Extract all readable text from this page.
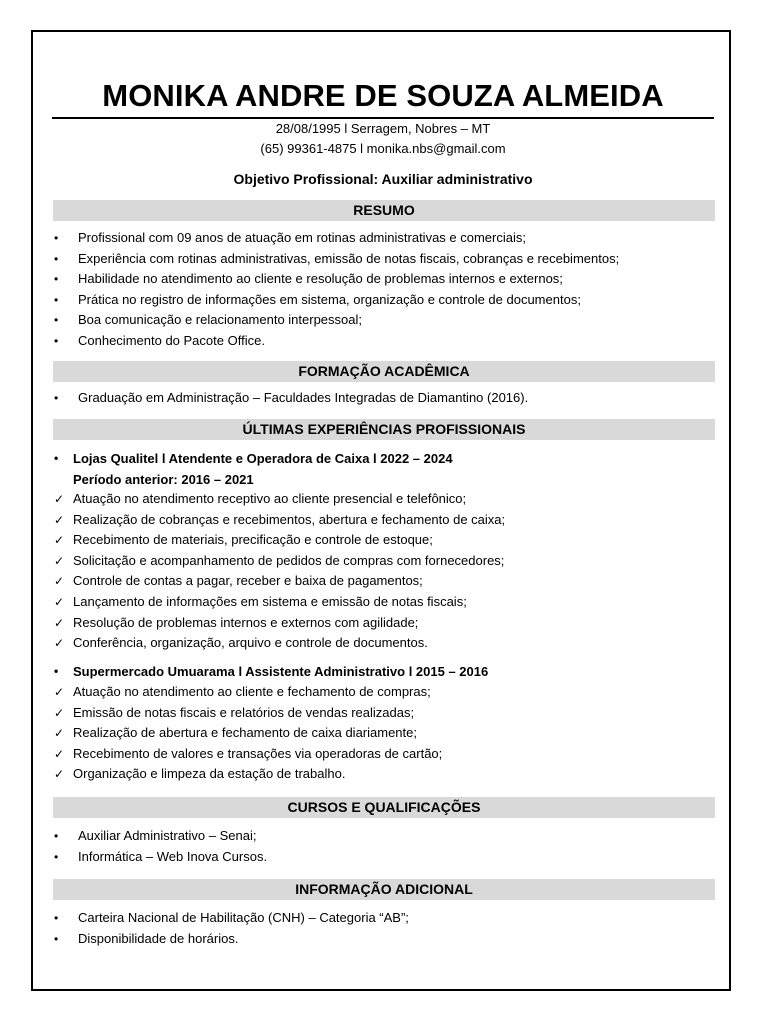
MONIKA ANDRE DE SOUZA ALMEIDA
28/08/1995 l Serragem, Nobres – MT
(65) 99361-4875 l monika.nbs@gmail.com
Objetivo Profissional: Auxiliar administrativo
RESUMO
• Profissional com 09 anos de atuação em rotinas administrativas e comerciais;
• Experiência com rotinas administrativas, emissão de notas fiscais, cobranças e recebimentos;
• Habilidade no atendimento ao cliente e resolução de problemas internos e externos;
• Prática no registro de informações em sistema, organização e controle de documentos;
• Boa comunicação e relacionamento interpessoal;
• Conhecimento do Pacote Office.
FORMAÇÃO ACADÊMICA
• Graduação em Administração – Faculdades Integradas de Diamantino (2016).
ÚLTIMAS EXPERIÊNCIAS PROFISSIONAIS
• Lojas Qualitel l Atendente e Operadora de Caixa l 2022 – 2024
Período anterior: 2016 – 2021
✓ Atuação no atendimento receptivo ao cliente presencial e telefônico;
✓ Realização de cobranças e recebimentos, abertura e fechamento de caixa;
✓ Recebimento de materiais, precificação e controle de estoque;
✓ Solicitação e acompanhamento de pedidos de compras com fornecedores;
✓ Controle de contas a pagar, receber e baixa de pagamentos;
✓ Lançamento de informações em sistema e emissão de notas fiscais;
✓ Resolução de problemas internos e externos com agilidade;
✓ Conferência, organização, arquivo e controle de documentos.
• Supermercado Umuarama l Assistente Administrativo l 2015 – 2016
✓ Atuação no atendimento ao cliente e fechamento de compras;
✓ Emissão de notas fiscais e relatórios de vendas realizadas;
✓ Realização de abertura e fechamento de caixa diariamente;
✓ Recebimento de valores e transações via operadoras de cartão;
✓ Organização e limpeza da estação de trabalho.
CURSOS E QUALIFICAÇÕES
• Auxiliar Administrativo – Senai;
• Informática – Web Inova Cursos.
INFORMAÇÃO ADICIONAL
• Carteira Nacional de Habilitação (CNH) – Categoria “AB”;
• Disponibilidade de horários.
